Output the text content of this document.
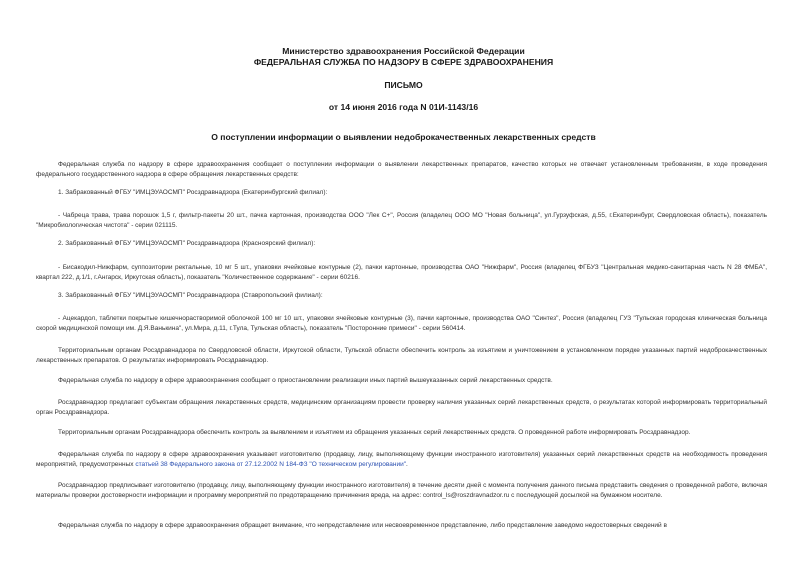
Министерство здравоохранения Российской Федерации
ФЕДЕРАЛЬНАЯ СЛУЖБА ПО НАДЗОРУ В СФЕРЕ ЗДРАВООХРАНЕНИЯ
ПИСЬМО
от 14 июня 2016 года N 01И-1143/16
О поступлении информации о выявлении недоброкачественных лекарственных средств
Федеральная служба по надзору в сфере здравоохранения сообщает о поступлении информации о выявлении лекарственных препаратов, качество которых не отвечает установленным требованиям, в ходе проведения федерального государственного надзора в сфере обращения лекарственных средств:
1. Забракованный ФГБУ "ИМЦЭУАОСМП" Росздравнадзора (Екатеринбургский филиал):
- Чабреца трава, трава порошок 1,5 г, фильтр-пакеты 20 шт., пачка картонная, производства ООО "Лек С+", Россия (владелец ООО МО "Новая больница", ул.Гурзуфская, д.55, г.Екатеринбург, Свердловская область), показатель "Микробиологическая чистота" - серии 021115.
2. Забракованный ФГБУ "ИМЦЭУАОСМП" Росздравнадзора (Красноярский филиал):
- Бисакодил-Нижфарм, суппозитории ректальные, 10 мг 5 шт., упаковки ячейковые контурные (2), пачки картонные, производства ОАО "Нижфарм", Россия (владелец ФГБУЗ "Центральная медико-санитарная часть N 28 ФМБА", квартал 222, д.1/1, г.Ангарск, Иркутская область), показатель "Количественное содержание" - серии 60216.
3. Забракованный ФГБУ "ИМЦЭУАОСМП" Росздравнадзора (Ставропольский филиал):
- Ацекардол, таблетки покрытые кишечнорастворимой оболочкой 100 мг 10 шт., упаковки ячейковые контурные (3), пачки картонные, производства ОАО "Синтез", Россия (владелец ГУЗ "Тульская городская клиническая больница скорой медицинской помощи им. Д.Я.Ванькина", ул.Мира, д.11, г.Тула, Тульская область), показатель "Посторонние примеси" - серии 560414.
Территориальным органам Росздравнадзора по Свердловской области, Иркутской области, Тульской области обеспечить контроль за изъятием и уничтожением в установленном порядке указанных партий недоброкачественных лекарственных препаратов. О результатах информировать Росздравнадзор.
Федеральная служба по надзору в сфере здравоохранения сообщает о приостановлении реализации иных партий вышеуказанных серий лекарственных средств.
Росздравнадзор предлагает субъектам обращения лекарственных средств, медицинским организациям провести проверку наличия указанных серий лекарственных средств, о результатах которой информировать территориальный орган Росздравнадзора.
Территориальным органам Росздравнадзора обеспечить контроль за выявлением и изъятием из обращения указанных серий лекарственных средств. О проведенной работе информировать Росздравнадзор.
Федеральная служба по надзору в сфере здравоохранения указывает изготовителю (продавцу, лицу, выполняющему функции иностранного изготовителя) указанных серий лекарственных средств на необходимость проведения мероприятий, предусмотренных статьей 38 Федерального закона от 27.12.2002 N 184-ФЗ "О техническом регулировании".
Росздравнадзор предписывает изготовителю (продавцу, лицу, выполняющему функции иностранного изготовителя) в течение десяти дней с момента получения данного письма представить сведения о проведенной работе, включая материалы проверки достоверности информации и программу мероприятий по предотвращению причинения вреда, на адрес: control_ls@roszdravnadzor.ru с последующей досылкой на бумажном носителе.
Федеральная служба по надзору в сфере здравоохранения обращает внимание, что непредставление или несвоевременное представление, либо представление заведомо недостоверных сведений в
